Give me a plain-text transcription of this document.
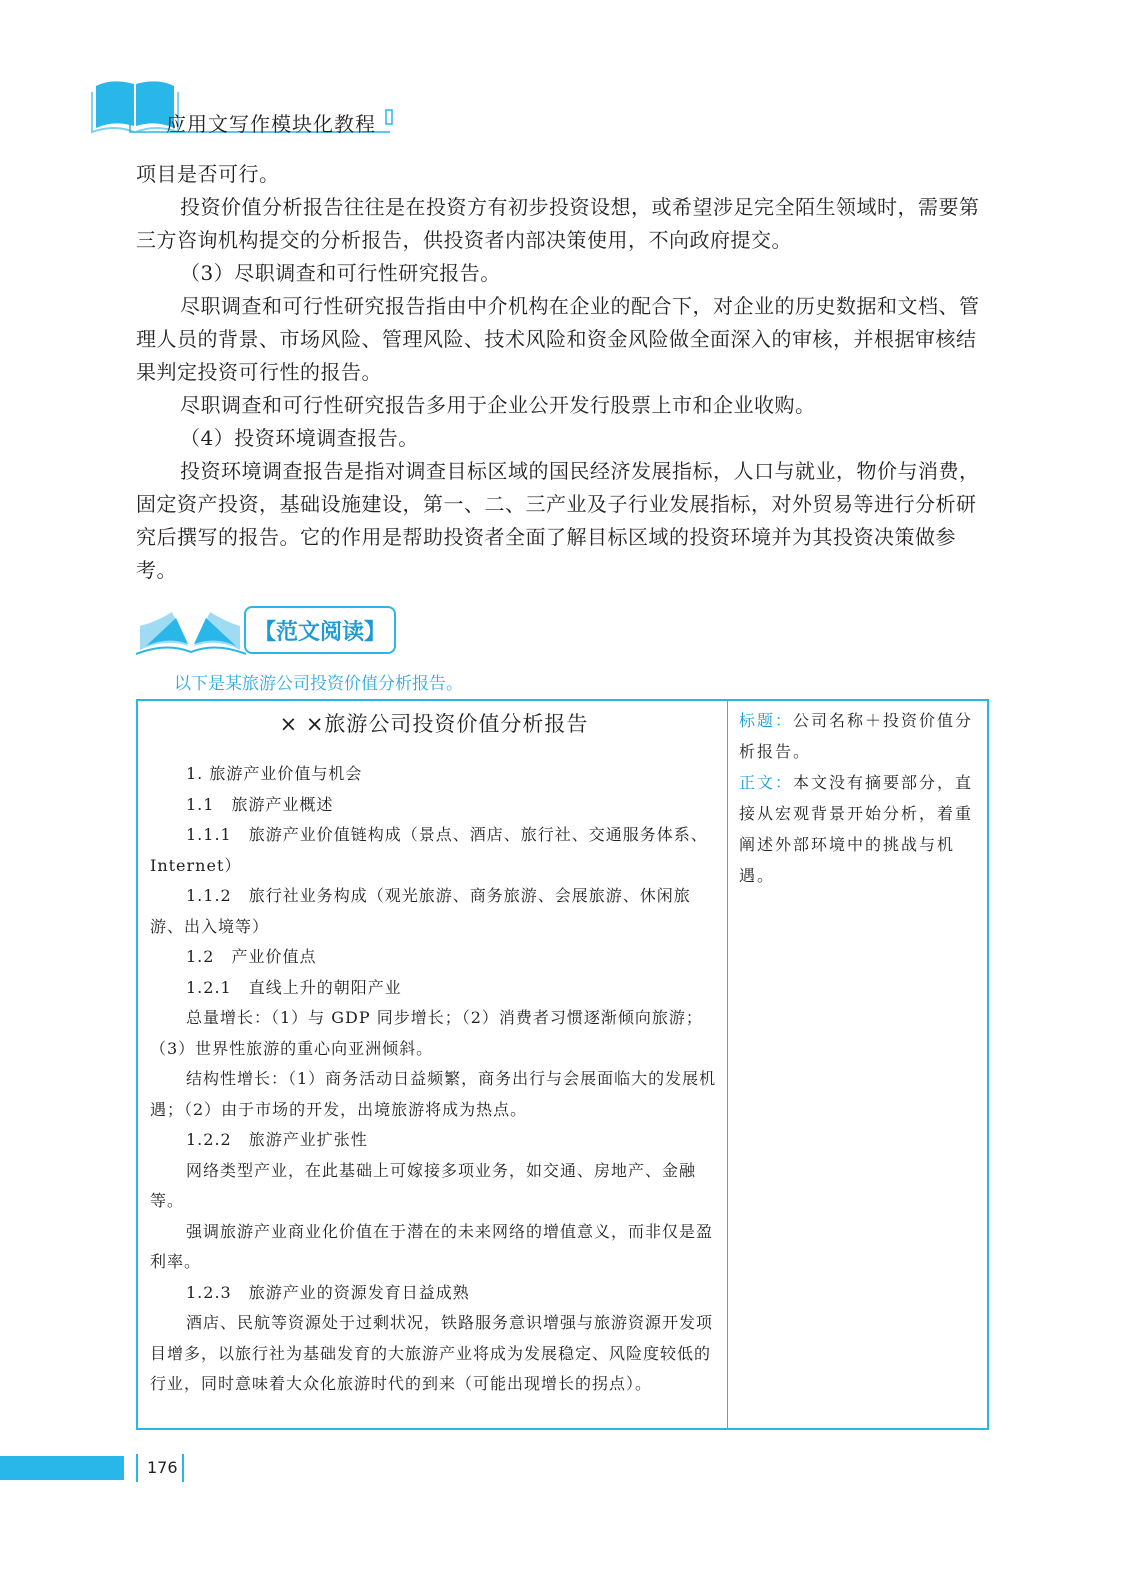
应用文写作模块化教程

项目是否可行。

投资价值分析报告往往是在投资方有初步投资设想，或希望涉足完全陌生领域时，需要第三方咨询机构提交的分析报告，供投资者内部决策使用，不向政府提交。

（3）尽职调查和可行性研究报告。

尽职调查和可行性研究报告指由中介机构在企业的配合下，对企业的历史数据和文档、管理人员的背景、市场风险、管理风险、技术风险和资金风险做全面深入的审核，并根据审核结果判定投资可行性的报告。

尽职调查和可行性研究报告多用于企业公开发行股票上市和企业收购。

（4）投资环境调查报告。

投资环境调查报告是指对调查目标区域的国民经济发展指标，人口与就业，物价与消费，固定资产投资，基础设施建设，第一、二、三产业及子行业发展指标，对外贸易等进行分析研究后撰写的报告。它的作用是帮助投资者全面了解目标区域的投资环境并为其投资决策做参考。

【范文阅读】
以下是某旅游公司投资价值分析报告。

× ×旅游公司投资价值分析报告

1. 旅游产业价值与机会

1.1　旅游产业概述

1.1.1　旅游产业价值链构成（景点、酒店、旅行社、交通服务体系、Internet）

1.1.2　旅行社业务构成（观光旅游、商务旅游、会展旅游、休闲旅游、出入境等）

1.2　产业价值点

1.2.1　直线上升的朝阳产业

总量增长：（1）与 GDP 同步增长；（2）消费者习惯逐渐倾向旅游；（3）世界性旅游的重心向亚洲倾斜。

结构性增长：（1）商务活动日益频繁，商务出行与会展面临大的发展机遇；（2）由于市场的开发，出境旅游将成为热点。

1.2.2　旅游产业扩张性

网络类型产业，在此基础上可嫁接多项业务，如交通、房地产、金融等。

强调旅游产业商业化价值在于潜在的未来网络的增值意义，而非仅是盈利率。

1.2.3　旅游产业的资源发育日益成熟

酒店、民航等资源处于过剩状况，铁路服务意识增强与旅游资源开发项目增多，以旅行社为基础发育的大旅游产业将成为发展稳定、风险度较低的行业，同时意味着大众化旅游时代的到来（可能出现增长的拐点）。

标题：公司名称＋投资价值分析报告。

正文：本文没有摘要部分，直接从宏观背景开始分析，着重阐述外部环境中的挑战与机遇。

176
